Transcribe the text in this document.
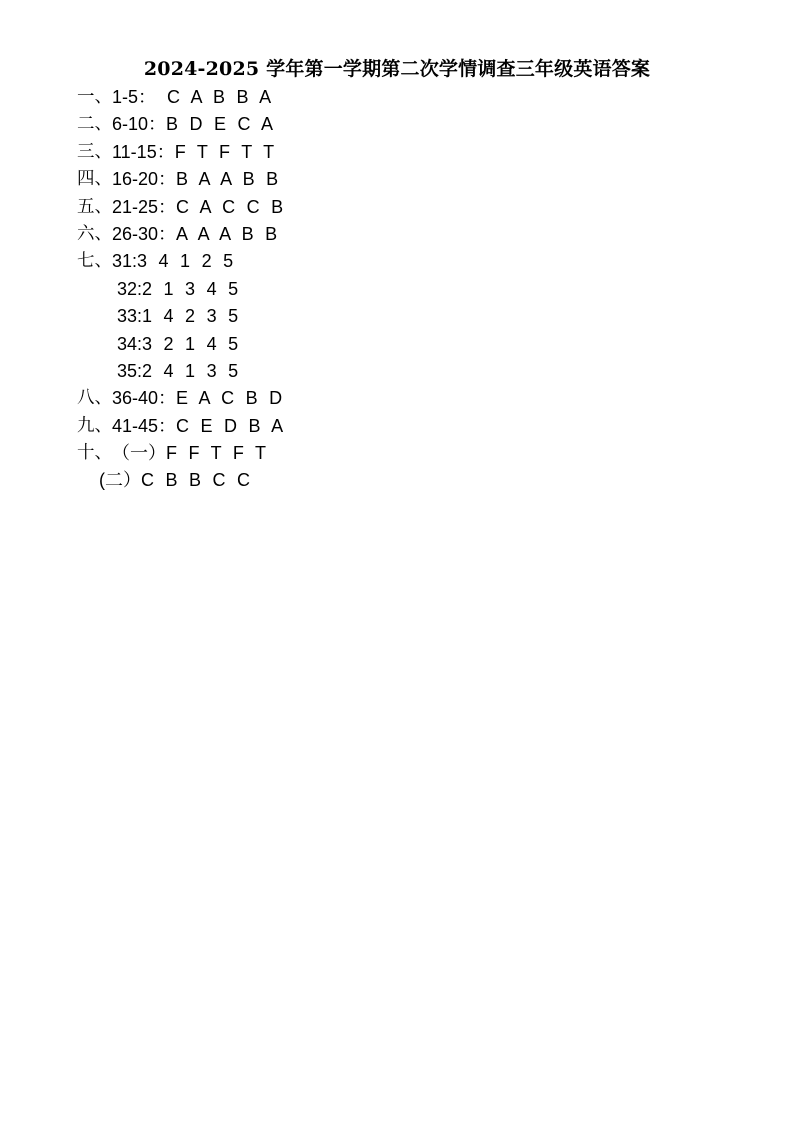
2024-2025 学年第一学期第二次学情调查三年级英语答案
一、 1-5： C  A  B  B  A
二、 6-10： B  D  E  C  A
三、 11-15： F  T  F  T  T
四、 16-20： B  A  A  B  B
五、 21-25： C  A  C  C  B
六、 26-30： A  A  A  B  B
七、 31: 3  4  1  2  5
32: 2  1  3  4  5
33: 1  4  2  3  5
34: 3  2  1  4  5
35: 2  4  1  3  5
八、 36-40： E  A  C  B  D
九、 41-45： C  E  D  B  A
十、 （一） F  F  T  F  T
(二） C  B  B  C  C
